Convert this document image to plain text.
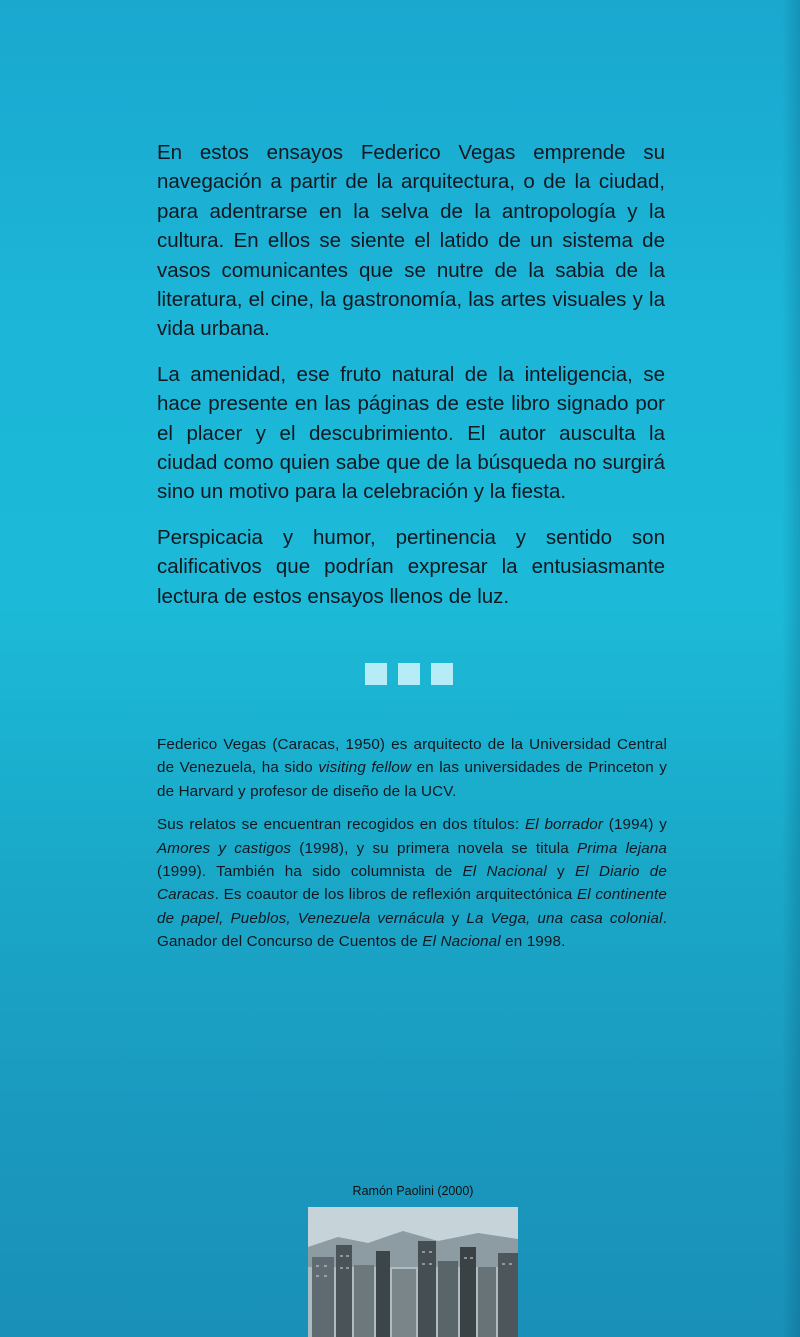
En estos ensayos Federico Vegas emprende su navegación a partir de la arquitectura, o de la ciudad, para adentrarse en la selva de la antropología y la cultura. En ellos se siente el latido de un sistema de vasos comunicantes que se nutre de la sabia de la literatura, el cine, la gastronomía, las artes visuales y la vida urbana.

La amenidad, ese fruto natural de la inteligencia, se hace presente en las páginas de este libro signado por el placer y el descubrimiento. El autor ausculta la ciudad como quien sabe que de la búsqueda no surgirá sino un motivo para la celebración y la fiesta.

Perspicacia y humor, pertinencia y sentido son calificativos que podrían expresar la entusiasmante lectura de estos ensayos llenos de luz.

Federico Vegas (Caracas, 1950) es arquitecto de la Universidad Central de Venezuela, ha sido visiting fellow en las universidades de Princeton y de Harvard y profesor de diseño de la UCV.

Sus relatos se encuentran recogidos en dos títulos: El borrador (1994) y Amores y castigos (1998), y su primera novela se titula Prima lejana (1999). También ha sido columnista de El Nacional y El Diario de Caracas. Es coautor de los libros de reflexión arquitectónica El continente de papel, Pueblos, Venezuela vernácula y La Vega, una casa colonial. Ganador del Concurso de Cuentos de El Nacional en 1998.

Ramón Paolini (2000)
